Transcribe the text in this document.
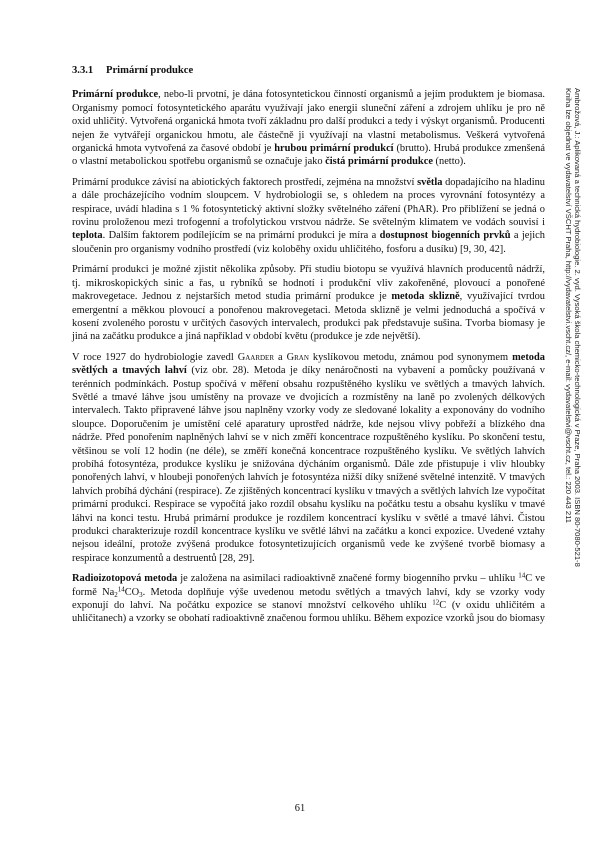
3.3.1 Primární produkce

Primární produkce, nebo-li prvotní, je dána fotosyntetickou činností organismů a jejím produktem je biomasa. Organismy pomocí fotosyntetického aparátu využívají jako energii sluneční záření a zdrojem uhlíku je pro ně oxid uhličitý. Vytvořená organická hmota tvoří základnu pro další produkci a tedy i výskyt organismů. Producenti nejen že vytvářejí organickou hmotu, ale částečně ji využívají na vlastní metabolismus. Veškerá vytvořená organická hmota vytvořená za časové období je hrubou primární produkcí (brutto). Hrubá produkce zmenšená o vlastní metabolickou spotřebu organismů se označuje jako čistá primární produkce (netto).

Primární produkce závisí na abiotických faktorech prostředí, zejména na množství světla dopadajícího na hladinu a dále procházejícího vodním sloupcem. V hydrobiologii se, s ohledem na proces vyrovnání fotosyntézy a respirace, uvádí hladina s 1 % fotosyntetický aktivní složky světelného záření (PhAR). Pro přiblížení se jedná o rovinu proloženou mezi trofogenní a trofolytickou vrstvou nádrže. Se světelným klimatem ve vodách souvisí i teplota. Dalším faktorem podílejícím se na primární produkci je míra a dostupnost biogenních prvků a jejich sloučenin pro organismy vodního prostředí (viz koloběhy oxidu uhličitého, fosforu a dusíku) [9, 30, 42].

Primární produkci je možné zjistit několika způsoby. Při studiu biotopu se využívá hlavních producentů nádrží, tj. mikroskopických sinic a řas, u rybníků se hodnotí i produkční vliv zakořeněné, plovoucí a ponořené makrovegetace. Jednou z nejstarších metod studia primární produkce je metoda sklizně, využívající tvrdou emergentní a měkkou plovoucí a ponořenou makrovegetaci. Metoda sklizně je velmi jednoduchá a spočívá v kosení zvoleného porostu v určitých časových intervalech, produkci pak představuje sušina. Tvorba biomasy je jiná na začátku produkce a jiná například v období květu (produkce je zde největší).

V roce 1927 do hydrobiologie zavedl Gaarder a Gran kyslíkovou metodu, známou pod synonymem metoda světlých a tmavých lahví (viz obr. 28). Metoda je díky nenáročnosti na vybavení a pomůcky používaná v terénních podmínkách. Postup spočívá v měření obsahu rozpuštěného kyslíku ve světlých a tmavých lahvích. Světlé a tmavé láhve jsou umístěny na provaze ve dvojicích a rozmístěny na laně po zvolených délkových intervalech. Takto připravené láhve jsou naplněny vzorky vody ze sledované lokality a exponovány do vodního sloupce. Doporučením je umístění celé aparatury uprostřed nádrže, kde nejsou vlivy pobřeží a blízkého dna nádrže. Před ponořením naplněných lahví se v nich změří koncentrace rozpuštěného kyslíku. Po skončení testu, většinou se volí 12 hodin (ne déle), se změří konečná koncentrace rozpuštěného kyslíku. Ve světlých lahvích probíhá fotosyntéza, produkce kyslíku je snižována dýcháním organismů. Dále zde přistupuje i vliv hloubky ponořených lahví, v hloubeji ponořených lahvích je fotosyntéza nižší díky snížené světelné intenzitě. V tmavých lahvích probíhá dýchání (respirace). Ze zjištěných koncentrací kyslíku v tmavých a světlých lahvích lze vypočítat primární produkci. Respirace se vypočítá jako rozdíl obsahu kyslíku na počátku testu a obsahu kyslíku v tmavé láhvi na konci testu. Hrubá primární produkce je rozdílem koncentrací kyslíku v světlé a tmavé láhvi. Čistou produkci charakterizuje rozdíl koncentrace kyslíku ve světlé láhvi na začátku a konci expozice. Uvedené vztahy nejsou ideální, protože zvýšená produkce fotosyntetizujících organismů vede ke zvýšené tvorbě biomasy a respirace konzumentů a destruentů [28, 29].

Radioizotopová metoda je založena na asimilaci radioaktivně značené formy biogenního prvku – uhlíku $^{14}$C ve formě $Na_2^{14}CO_3$. Metoda doplňuje výše uvedenou metodu světlých a tmavých lahví, kdy se vzorky vody exponují do lahví. Na počátku expozice se stanoví množství celkového uhlíku $^{12}$C (v oxidu uhličitém a uhličitanech) a vzorky se obohatí radioaktivně značenou formou uhlíku. Během expozice vzorků jsou do biomasy

Ambrožová, J.: Aplikovaná a technická hydrobiologie. 2. vyd. Vysoká škola chemicko-technologická v Praze, Praha 2003. ISBN 80-7080-521-8
Kniha lze objednat ve vydavatelství VŠCHT Praha, http://vydavatelstvi.vscht.cz/, e-mail: vydavatelstvi@vscht.cz, tel.: 220 443 211
61
